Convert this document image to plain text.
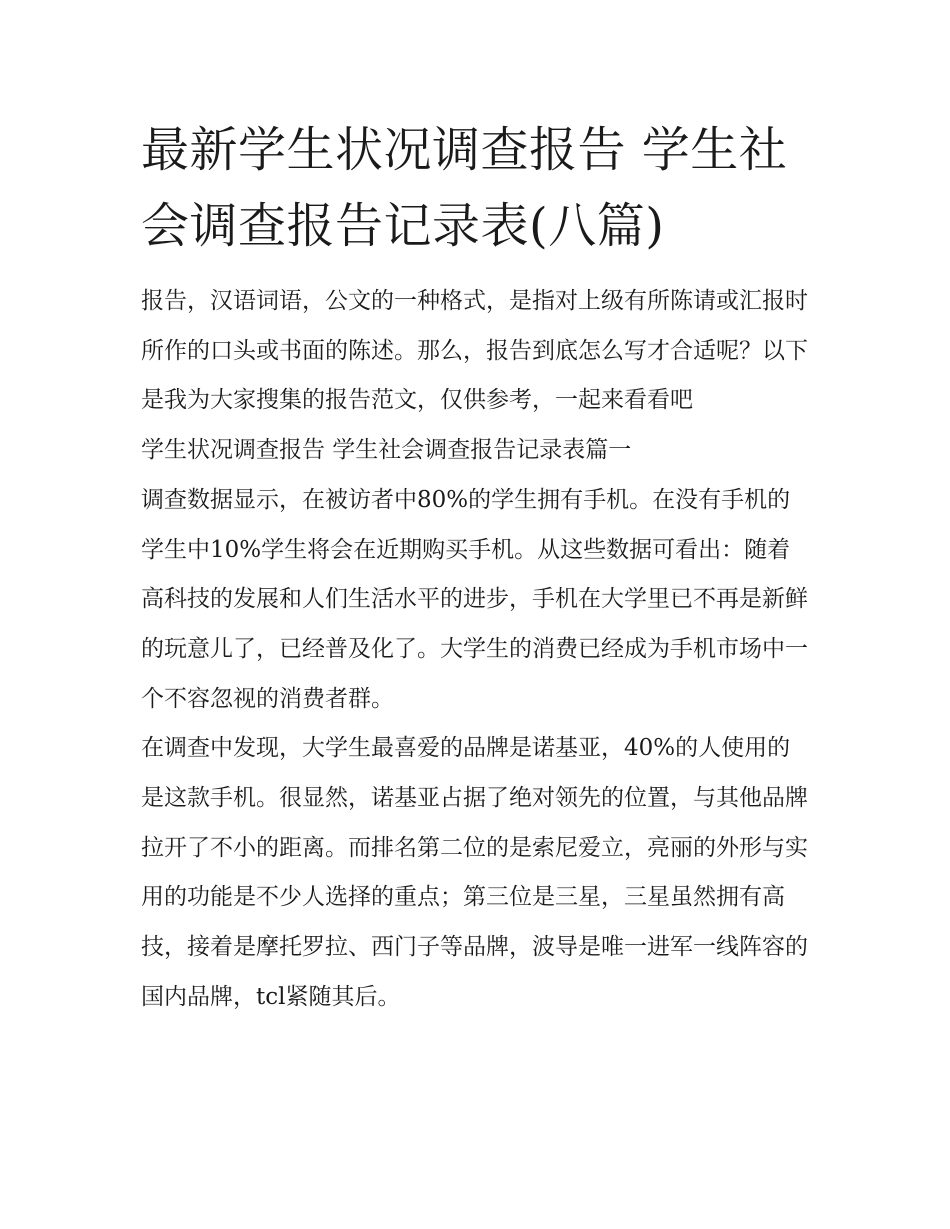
最新学生状况调查报告 学生社会调查报告记录表(八篇)

报告，汉语词语，公文的一种格式，是指对上级有所陈请或汇报时所作的口头或书面的陈述。那么，报告到底怎么写才合适呢？以下是我为大家搜集的报告范文，仅供参考，一起来看看吧

学生状况调查报告 学生社会调查报告记录表篇一

调查数据显示，在被访者中80%的学生拥有手机。在没有手机的学生中10%学生将会在近期购买手机。从这些数据可看出：随着高科技的发展和人们生活水平的进步，手机在大学里已不再是新鲜的玩意儿了，已经普及化了。大学生的消费已经成为手机市场中一个不容忽视的消费者群。

在调查中发现，大学生最喜爱的品牌是诺基亚，40%的人使用的是这款手机。很显然，诺基亚占据了绝对领先的位置，与其他品牌拉开了不小的距离。而排名第二位的是索尼爱立，亮丽的外形与实用的功能是不少人选择的重点；第三位是三星，三星虽然拥有高技，接着是摩托罗拉、西门子等品牌，波导是唯一进军一线阵容的国内品牌，tcl紧随其后。
